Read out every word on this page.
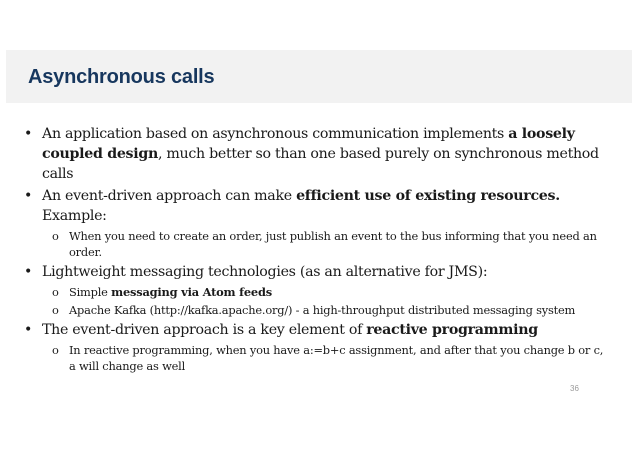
Asynchronous calls
• An application based on asynchronous communication implements a loosely coupled design, much better so than one based purely on synchronous method calls
• An event-driven approach can make efficient use of existing resources. Example:
o When you need to create an order, just publish an event to the bus informing that you need an order.
• Lightweight messaging technologies (as an alternative for JMS):
o Simple messaging via Atom feeds
o Apache Kafka (http://kafka.apache.org/) - a high-throughput distributed messaging system
• The event-driven approach is a key element of reactive programming
o In reactive programming, when you have a:=b+c assignment, and after that you change b or c, a will change as well
36
